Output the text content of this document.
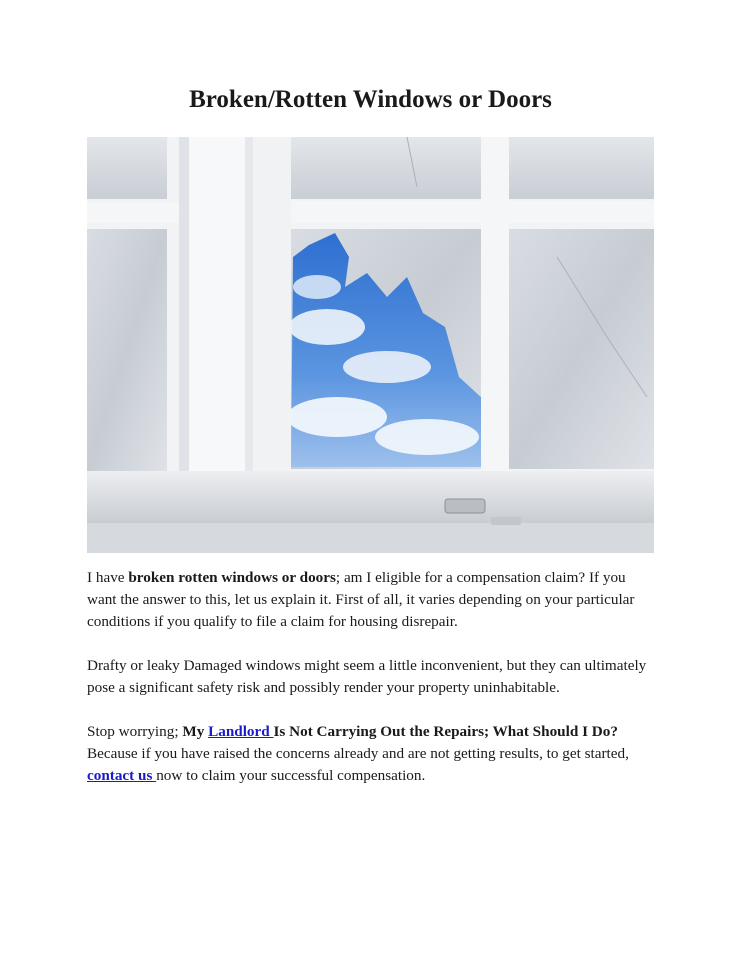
Broken/Rotten Windows or Doors

I have broken rotten windows or doors; am I eligible for a compensation claim? If you want the answer to this, let us explain it. First of all, it varies depending on your particular conditions if you qualify to file a claim for housing disrepair.

Drafty or leaky Damaged windows might seem a little inconvenient, but they can ultimately pose a significant safety risk and possibly render your property uninhabitable.

Stop worrying; My Landlord Is Not Carrying Out the Repairs; What Should I Do? Because if you have raised the concerns already and are not getting results, to get started, contact us now to claim your successful compensation.
